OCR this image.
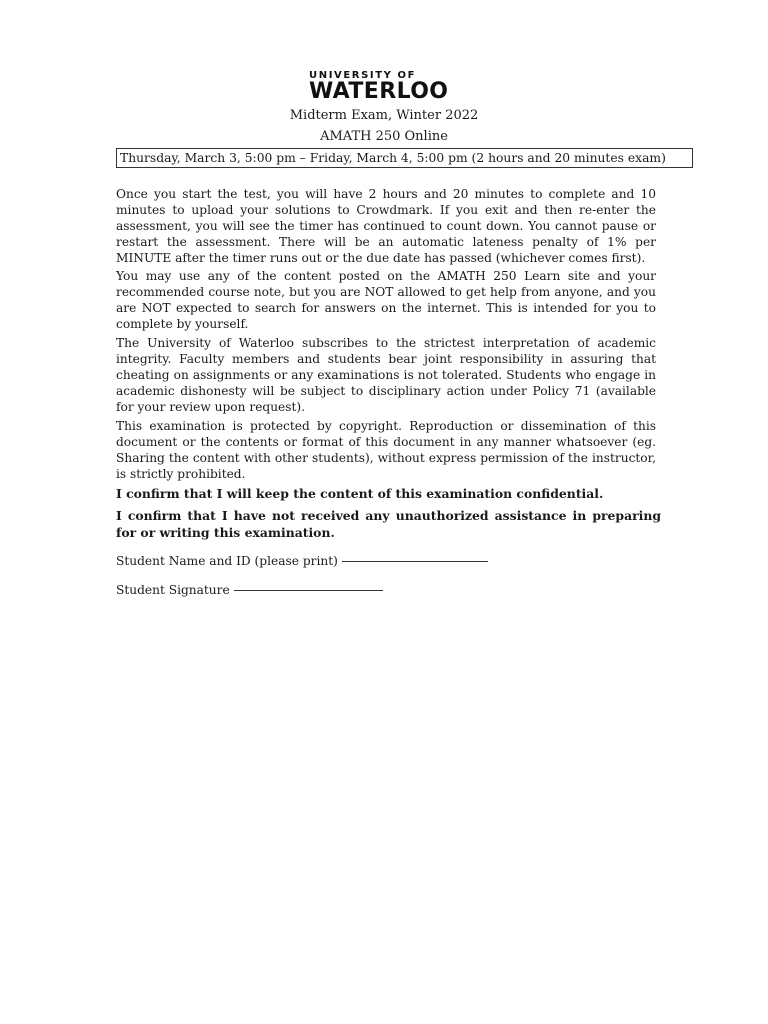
UNIVERSITY OF
WATERLOO
Midterm Exam, Winter 2022
AMATH 250 Online
Thursday, March 3, 5:00 pm – Friday, March 4, 5:00 pm (2 hours and 20 minutes exam)

Once you start the test, you will have 2 hours and 20 minutes to complete and 10 minutes to upload your solutions to Crowdmark. If you exit and then re-enter the assessment, you will see the timer has continued to count down. You cannot pause or restart the assessment. There will be an automatic lateness penalty of 1% per MINUTE after the timer runs out or the due date has passed (whichever comes first).

You may use any of the content posted on the AMATH 250 Learn site and your recommended course note, but you are NOT allowed to get help from anyone, and you are NOT expected to search for answers on the internet. This is intended for you to complete by yourself.

The University of Waterloo subscribes to the strictest interpretation of academic integrity. Faculty members and students bear joint responsibility in assuring that cheating on assignments or any examinations is not tolerated. Students who engage in academic dishonesty will be subject to disciplinary action under Policy 71 (available for your review upon request).

This examination is protected by copyright. Reproduction or dissemination of this document or the contents or format of this document in any manner whatsoever (eg. Sharing the content with other students), without express permission of the instructor, is strictly prohibited.

I confirm that I will keep the content of this examination confidential.

I confirm that I have not received any unauthorized assistance in preparing for or writing this examination.

Student Name and ID (please print)
Student Signature
